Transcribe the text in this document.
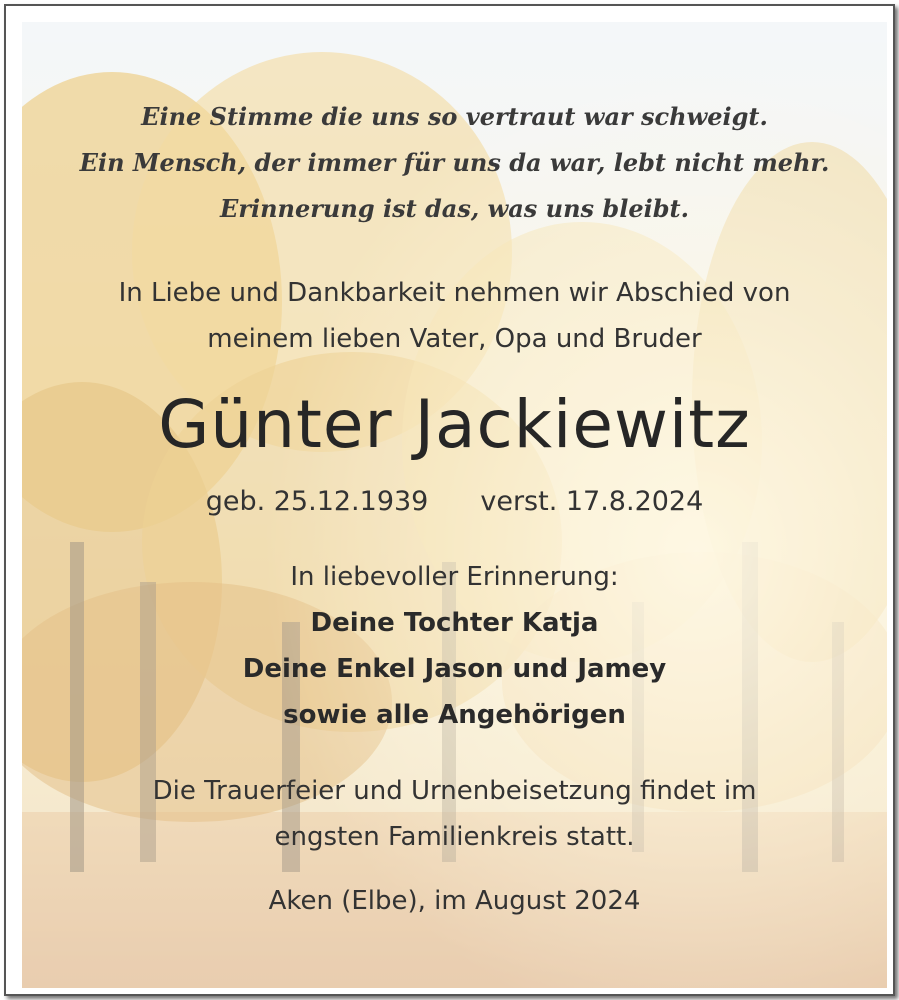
Eine Stimme die uns so vertraut war schweigt.
Ein Mensch, der immer für uns da war, lebt nicht mehr.
Erinnerung ist das, was uns bleibt.
In Liebe und Dankbarkeit nehmen wir Abschied von
meinem lieben Vater, Opa und Bruder
Günter Jackiewitz
geb. 25.12.1939 verst. 17.8.2024
In liebevoller Erinnerung:
Deine Tochter Katja
Deine Enkel Jason und Jamey
sowie alle Angehörigen
Die Trauerfeier und Urnenbeisetzung findet im
engsten Familienkreis statt.
Aken (Elbe), im August 2024
